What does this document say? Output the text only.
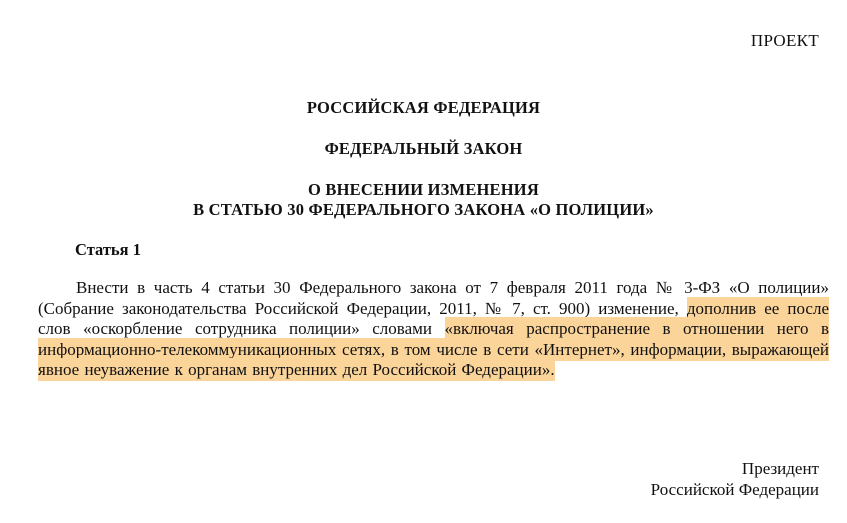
ПРОЕКТ
РОССИЙСКАЯ ФЕДЕРАЦИЯ
ФЕДЕРАЛЬНЫЙ ЗАКОН
О ВНЕСЕНИИ ИЗМЕНЕНИЯ
В СТАТЬЮ 30 ФЕДЕРАЛЬНОГО ЗАКОНА «О ПОЛИЦИИ»
Статья 1
Внести в часть 4 статьи 30 Федерального закона от 7 февраля 2011 года № 3-ФЗ «О полиции» (Собрание законодательства Российской Федерации, 2011, № 7, ст. 900) изменение, дополнив ее после слов «оскорбление сотрудника полиции» словами «включая распространение в отношении него в информационно-телекоммуникационных сетях, в том числе в сети «Интернет», информации, выражающей явное неуважение к органам внутренних дел Российской Федерации».
Президент
Российской Федерации
